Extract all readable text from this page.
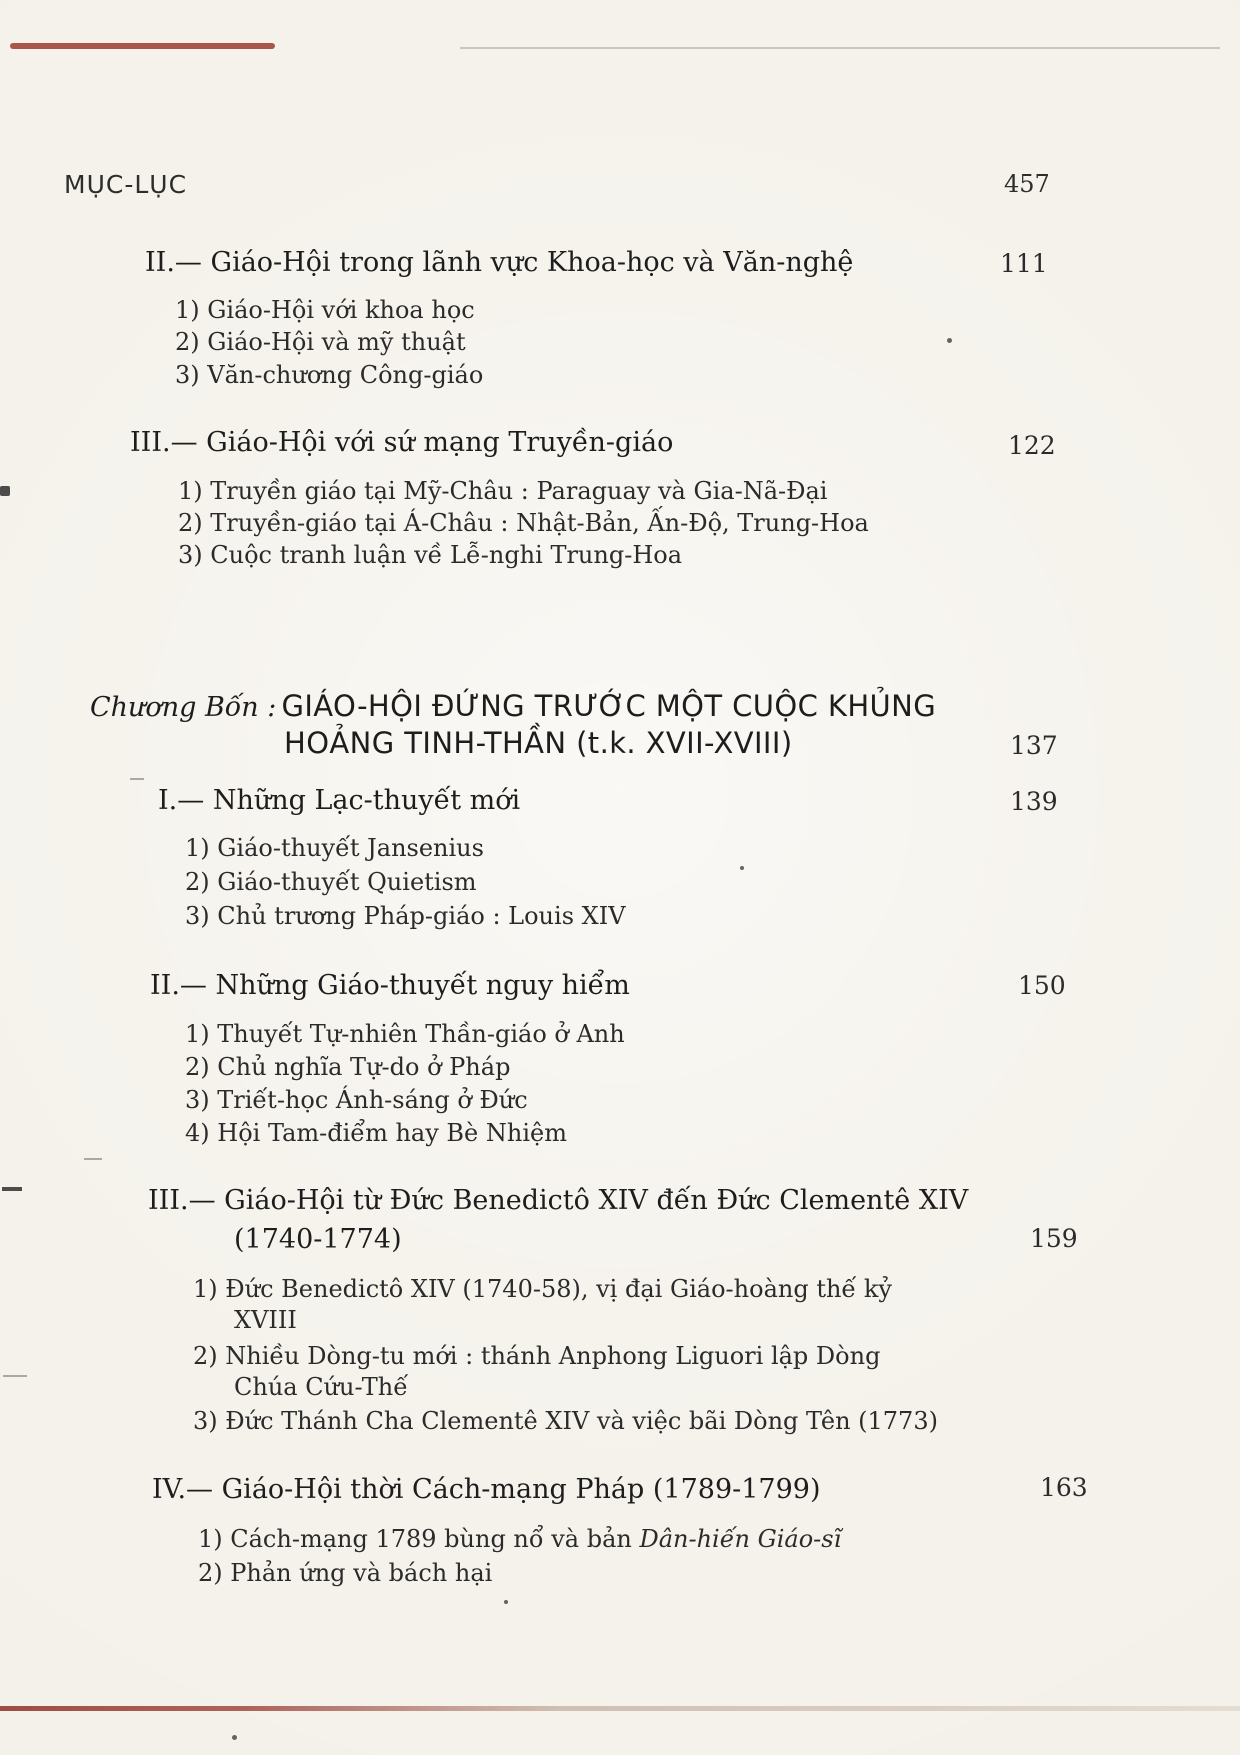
MỤC-LỤC	457
II.— Giáo-Hội trong lãnh vực Khoa-học và Văn-nghệ	111
1) Giáo-Hội với khoa học
2) Giáo-Hội và mỹ thuật
3) Văn-chương Công-giáo
III.— Giáo-Hội với sứ mạng Truyền-giáo	122
1) Truyền giáo tại Mỹ-Châu : Paraguay và Gia-Nã-Đại
2) Truyền-giáo tại Á-Châu : Nhật-Bản, Ấn-Độ, Trung-Hoa
3) Cuộc tranh luận về Lễ-nghi Trung-Hoa
Chương Bốn : GIÁO-HỘI ĐỨNG TRƯỚC MỘT CUỘC KHỦNG
HOẢNG TINH-THẦN (t.k. XVII-XVIII)	137
I.— Những Lạc-thuyết mới	139
1) Giáo-thuyết Jansenius
2) Giáo-thuyết Quietism
3) Chủ trương Pháp-giáo : Louis XIV
II.— Những Giáo-thuyết nguy hiểm	150
1) Thuyết Tự-nhiên Thần-giáo ở Anh
2) Chủ nghĩa Tự-do ở Pháp
3) Triết-học Ánh-sáng ở Đức
4) Hội Tam-điểm hay Bè Nhiệm
III.— Giáo-Hội từ Đức Benedictô XIV đến Đức Clementê XIV
(1740-1774)	159
1) Đức Benedictô XIV (1740-58), vị đại Giáo-hoàng thế kỷ
XVIII
2) Nhiều Dòng-tu mới : thánh Anphong Liguori lập Dòng
Chúa Cứu-Thế
3) Đức Thánh Cha Clementê XIV và việc bãi Dòng Tên (1773)
IV.— Giáo-Hội thời Cách-mạng Pháp (1789-1799)	163
1) Cách-mạng 1789 bùng nổ và bản Dân-hiến Giáo-sĩ
2) Phản ứng và bách hại
